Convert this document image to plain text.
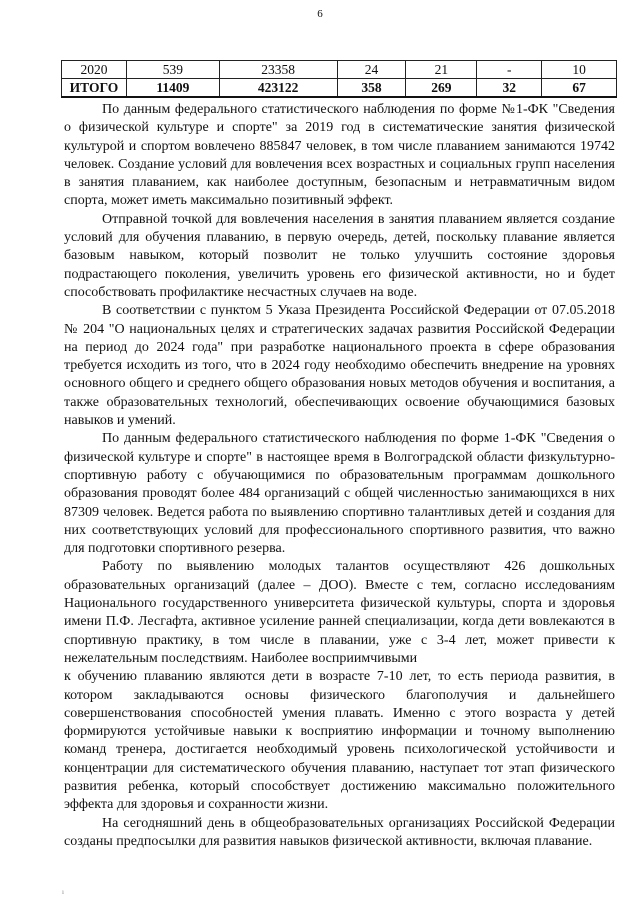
6
2020	539	23358	24	21	-	10
ИТОГО	11409	423122	358	269	32	67

По данным федерального статистического наблюдения по форме №1-ФК "Сведения о физической культуре и спорте" за 2019 год в систематические занятия физической культурой и спортом вовлечено 885847 человек, в том числе плаванием занимаются 19742 человек. Создание условий для вовлечения всех возрастных и социальных групп населения в занятия плаванием, как наиболее доступным, безопасным и нетравматичным видом спорта, может иметь максимально позитивный эффект.

Отправной точкой для вовлечения населения в занятия плаванием является создание условий для обучения плаванию, в первую очередь, детей, поскольку плавание является базовым навыком, который позволит не только улучшить состояние здоровья подрастающего поколения, увеличить уровень его физической активности, но и будет способствовать профилактике несчастных случаев на воде.

В соответствии с пунктом 5 Указа Президента Российской Федерации от 07.05.2018 № 204 "О национальных целях и стратегических задачах развития Российской Федерации на период до 2024 года" при разработке национального проекта в сфере образования требуется исходить из того, что в 2024 году необходимо обеспечить внедрение на уровнях основного общего и среднего общего образования новых методов обучения и воспитания, а также образовательных технологий, обеспечивающих освоение обучающимися базовых навыков и умений.

По данным федерального статистического наблюдения по форме 1-ФК "Сведения о физической культуре и спорте" в настоящее время в Волгоградской области физкультурно-спортивную работу с обучающимися по образовательным программам дошкольного образования проводят более 484 организаций с общей численностью занимающихся в них 87309 человек. Ведется работа по выявлению спортивно талантливых детей и создания для них соответствующих условий для профессионального спортивного развития, что важно для подготовки спортивного резерва.

Работу по выявлению молодых талантов осуществляют 426 дошкольных образовательных организаций (далее – ДОО). Вместе с тем, согласно исследованиям Национального государственного университета физической культуры, спорта и здоровья имени П.Ф. Лесгафта, активное усиление ранней специализации, когда дети вовлекаются в спортивную практику, в том числе в плавании, уже с 3-4 лет, может привести к нежелательным последствиям. Наиболее восприимчивыми

к обучению плаванию являются дети в возрасте 7-10 лет, то есть периода развития, в котором закладываются основы физического благополучия и дальнейшего совершенствования способностей умения плавать. Именно с этого возраста у детей формируются устойчивые навыки к восприятию информации и точному выполнению команд тренера, достигается необходимый уровень психологической устойчивости и концентрации для систематического обучения плаванию, наступает тот этап физического развития ребенка, который способствует достижению максимально положительного эффекта для здоровья и сохранности жизни.

На сегодняшний день в общеобразовательных организациях Российской Федерации созданы предпосылки для развития навыков физической активности, включая плавание.

ı
